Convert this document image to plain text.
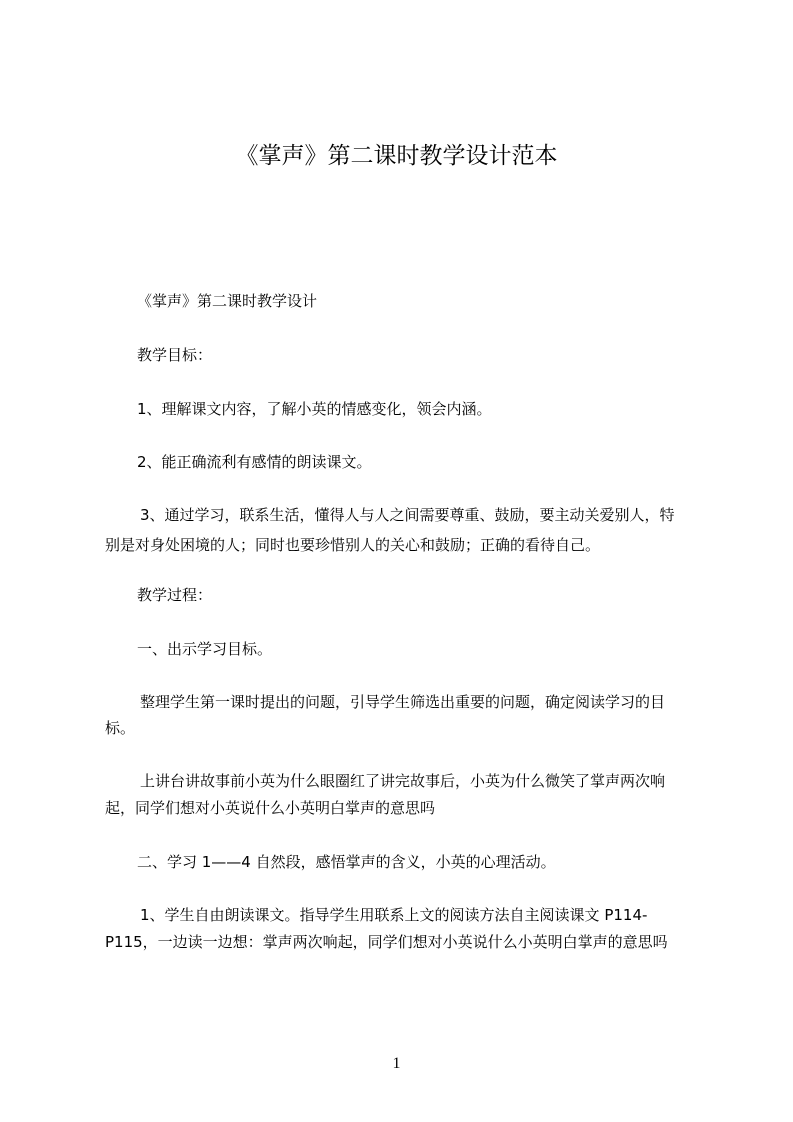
《掌声》第二课时教学设计范本
《掌声》第二课时教学设计
教学目标：
1、理解课文内容，了解小英的情感变化，领会内涵。
2、能正确流利有感情的朗读课文。
3、通过学习，联系生活，懂得人与人之间需要尊重、鼓励，要主动关爱别人，特
别是对身处困境的人；同时也要珍惜别人的关心和鼓励；正确的看待自己。
教学过程：
一、出示学习目标。
整理学生第一课时提出的问题，引导学生筛选出重要的问题，确定阅读学习的目
标。
上讲台讲故事前小英为什么眼圈红了讲完故事后，小英为什么微笑了掌声两次响
起，同学们想对小英说什么小英明白掌声的意思吗
二、学习 1——4 自然段，感悟掌声的含义，小英的心理活动。
1、学生自由朗读课文。指导学生用联系上文的阅读方法自主阅读课文 P114-
P115，一边读一边想：掌声两次响起，同学们想对小英说什么小英明白掌声的意思吗
1
